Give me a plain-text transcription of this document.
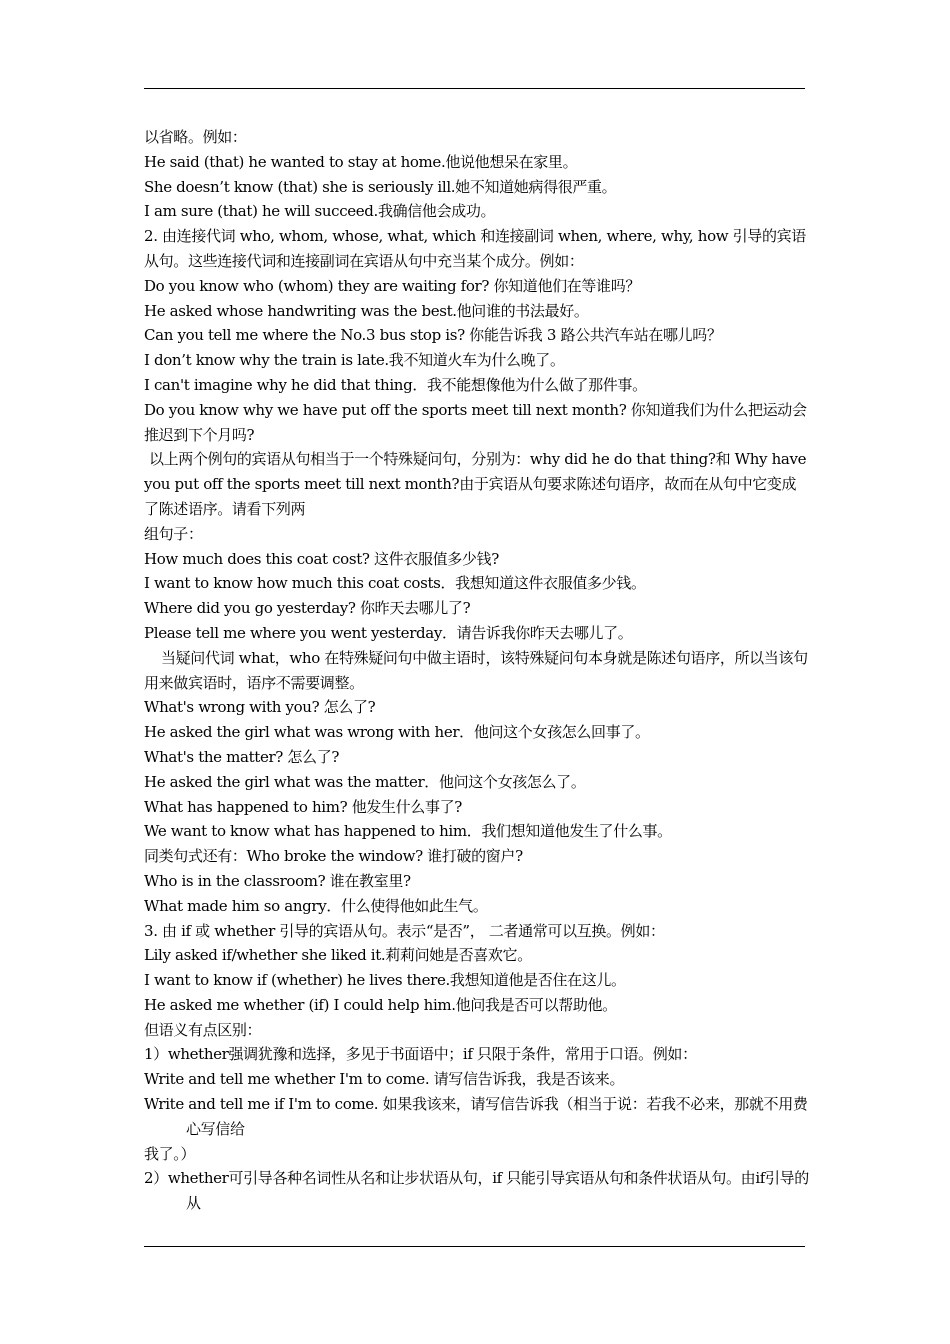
以省略。例如：

He said (that) he wanted to stay at home.他说他想呆在家里。

She doesn’t know (that) she is seriously ill.她不知道她病得很严重。

I am sure (that) he will succeed.我确信他会成功。

2. 由连接代词 who, whom, whose, what, which 和连接副词 when, where, why, how 引导的宾语从句。这些连接代词和连接副词在宾语从句中充当某个成分。例如：

Do you know who (whom) they are waiting for? 你知道他们在等谁吗？

He asked whose handwriting was the best.他问谁的书法最好。

Can you tell me where the No.3 bus stop is? 你能告诉我 3 路公共汽车站在哪儿吗？

I don’t know why the train is late.我不知道火车为什么晚了。

I can't imagine why he did that thing．我不能想像他为什么做了那件事。

Do you know why we have put off the sports meet till next month? 你知道我们为什么把运动会推迟到下个月吗?

以上两个例句的宾语从句相当于一个特殊疑问句，分别为：why did he do that thing?和 Why have you put off the sports meet till next month?由于宾语从句要求陈述句语序，故而在从句中它变成了陈述语序。请看下列两

组句子：

How much does this coat cost? 这件衣服值多少钱?

I want to know how much this coat costs．我想知道这件衣服值多少钱。

Where did you go yesterday? 你昨天去哪儿了?

Please tell me where you went yesterday．请告诉我你昨天去哪儿了。

当疑问代词 what，who 在特殊疑问句中做主语时，该特殊疑问句本身就是陈述句语序，所以当该句用来做宾语时，语序不需要调整。

What's wrong with you? 怎么了?

He asked the girl what was wrong with her．他问这个女孩怎么回事了。

What's the matter? 怎么了?

He asked the girl what was the matter．他问这个女孩怎么了。

What has happened to him? 他发生什么事了?

We want to know what has happened to him．我们想知道他发生了什么事。

同类句式还有：Who broke the window? 谁打破的窗户?

Who is in the classroom? 谁在教室里?

What made him so angry．什么使得他如此生气。

3. 由 if 或 whether 引导的宾语从句。表示“是否”， 二者通常可以互换。例如：

Lily asked if/whether she liked it.莉莉问她是否喜欢它。

I want to know if (whether) he lives there.我想知道他是否住在这儿。

He asked me whether (if) I could help him.他问我是否可以帮助他。

但语义有点区别：

1）whether强调犹豫和选择，多见于书面语中；if 只限于条件，常用于口语。例如：

Write and tell me whether I'm to come. 请写信告诉我，我是否该来。

Write and tell me if I'm to come. 如果我该来，请写信告诉我（相当于说：若我不必来，那就不用费心写信给

我了。）

2）whether可引导各种名词性从名和让步状语从句，if 只能引导宾语从句和条件状语从句。由if引导的从
